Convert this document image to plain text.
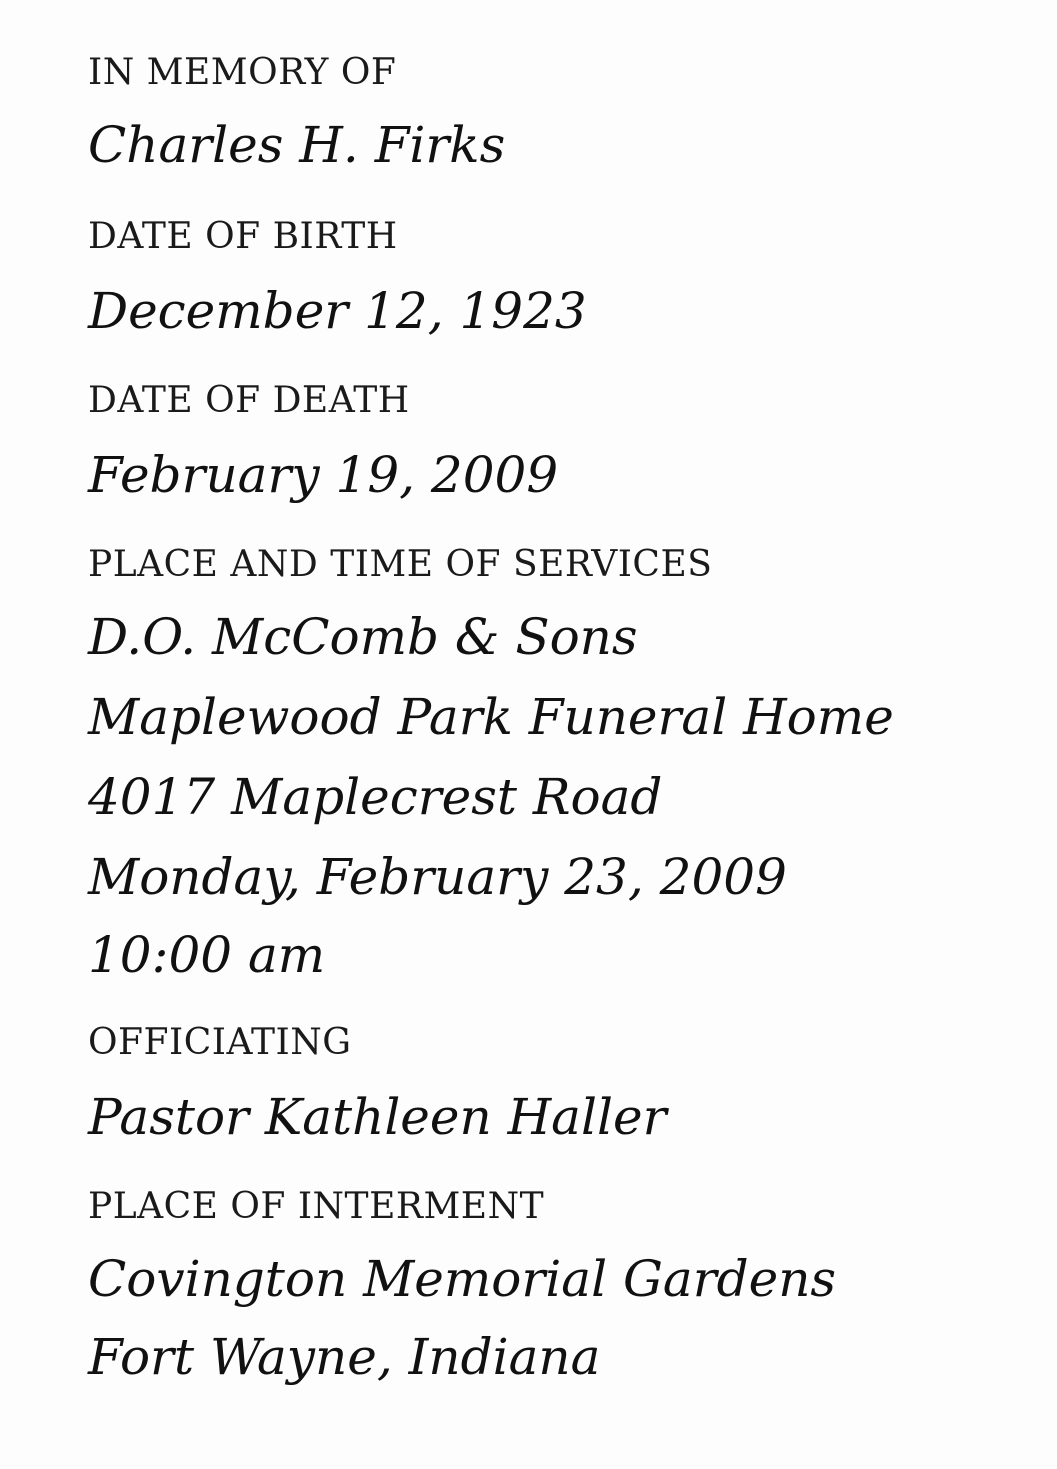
IN MEMORY OF
Charles H. Firks
DATE OF BIRTH
December 12, 1923
DATE OF DEATH
February 19, 2009
PLACE AND TIME OF SERVICES
D.O. McComb & Sons
Maplewood Park Funeral Home
4017 Maplecrest Road
Monday, February 23, 2009
10:00 am
OFFICIATING
Pastor Kathleen Haller
PLACE OF INTERMENT
Covington Memorial Gardens
Fort Wayne, Indiana
